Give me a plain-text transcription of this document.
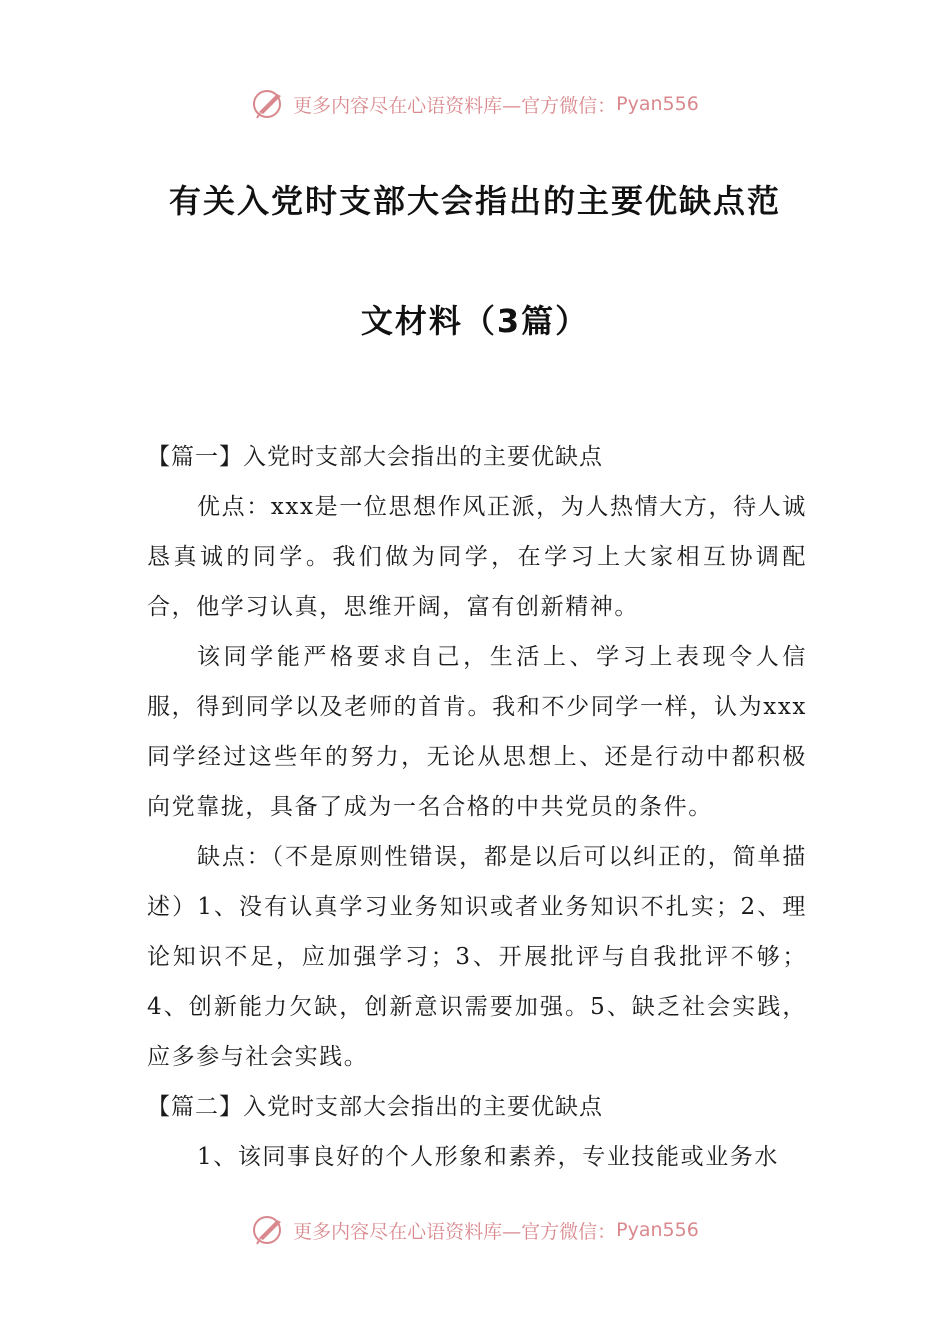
更多内容尽在心语资料库—官方微信： Pyan556
有关入党时支部大会指出的主要优缺点范
文材料（3篇）

【篇一】入党时支部大会指出的主要优缺点

优点：xxx是一位思想作风正派，为人热情大方，待人诚恳真诚的同学。我们做为同学，在学习上大家相互协调配合，他学习认真，思维开阔，富有创新精神。

该同学能严格要求自己，生活上、学习上表现令人信服，得到同学以及老师的首肯。我和不少同学一样，认为xxx同学经过这些年的努力，无论从思想上、还是行动中都积极向党靠拢，具备了成为一名合格的中共党员的条件。

缺点：（不是原则性错误，都是以后可以纠正的，简单描述）1、没有认真学习业务知识或者业务知识不扎实；2、理论知识不足，应加强学习；3、开展批评与自我批评不够；4、创新能力欠缺，创新意识需要加强。5、缺乏社会实践，应多参与社会实践。

【篇二】入党时支部大会指出的主要优缺点

1、该同事良好的个人形象和素养，专业技能或业务水

更多内容尽在心语资料库—官方微信： Pyan556
